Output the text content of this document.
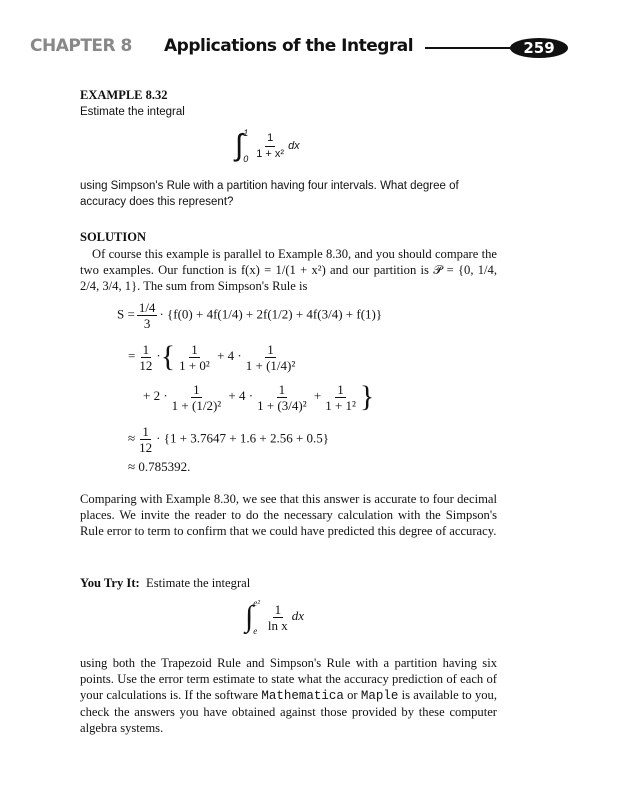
CHAPTER 8 Applications of the Integral	259
EXAMPLE 8.32
Estimate the integral
∫ 1
$0 \frac{1}{\text{1 + x²}}$ dx
using Simpson's Rule with a partition having four intervals. What degree of accuracy does this represent?
SOLUTION
Of course this example is parallel to Example 8.30, and you should compare the two examples. Our function is f(x) = 1/(1 + x²) and our partition is 𝒫 = {0, 1/4, 2/4, 3/4, 1}. The sum from Simpson's Rule is
$S = \frac{1/4}{3} \cdot \{f(0) + 4f(1/4) + 2f(1/2) + 4f(3/4) + f(1)\}$
= $\frac{1}{12}$ ·{ $\frac{1}{\text{1 + 0²}} + 4 \cdot \frac{1}{\text{1 + (1/4)²}}$
+ $2 \cdot \frac{1}{\text{1 + (1/2)²}} + 4 \cdot \frac{1}{\text{1 + (3/4)²}} + \frac{1}{\text{1 + 1²}}$ }
≈ $\frac{1}{12} \cdot \{1 + 3.7647 + 1.6 + 2.56 + 0.5\}$
≈ 0.785392.
Comparing with Example 8.30, we see that this answer is accurate to four decimal places. We invite the reader to do the necessary calculation with the Simpson's Rule error to term to confirm that we could have predicted this degree of accuracy.
You Try It: Estimate the integral
∫ e²
e $\frac{1}{\text{ln x}}$ dx
using both the Trapezoid Rule and Simpson's Rule with a partition having six points. Use the error term estimate to state what the accuracy prediction of each of your calculations is. If the software Mathematica or Maple is available to you, check the answers you have obtained against those provided by these computer algebra systems.
